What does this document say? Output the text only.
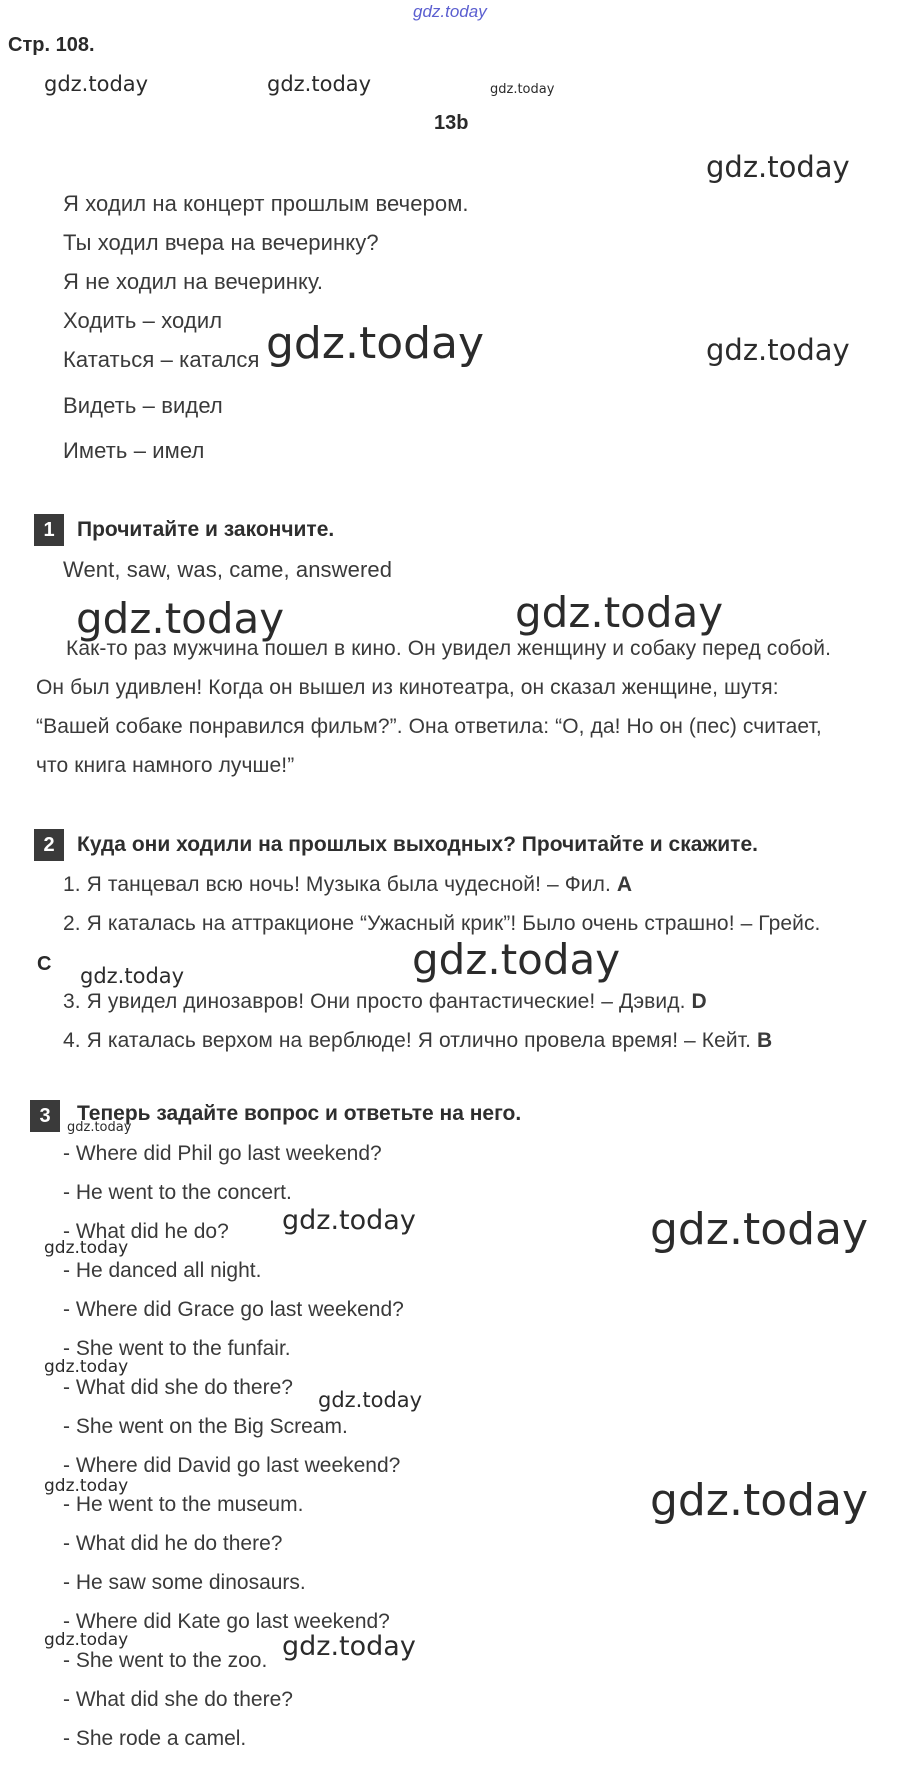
gdz.today
Стр. 108.
13b
Я ходил на концерт прошлым вечером.
Ты ходил вчера на вечеринку?
Я не ходил на вечеринку.
Ходить – ходил
Кататься – катался
Видеть – видел
Иметь – имел
1	Прочитайте и закончите.
Went, saw, was, came, answered
Как-то раз мужчина пошел в кино. Он увидел женщину и собаку перед собой.
Он был удивлен! Когда он вышел из кинотеатра, он сказал женщине, шутя:
“Вашей собаке понравился фильм?”. Она ответила: “О, да! Но он (пес) считает,
что книга намного лучше!”
2	Куда они ходили на прошлых выходных? Прочитайте и скажите.
1. Я танцевал всю ночь! Музыка была чудесной! – Фил. A
2. Я каталась на аттракционе “Ужасный крик”! Было очень страшно! – Грейс.
C
3. Я увидел динозавров! Они просто фантастические! – Дэвид. D
4. Я каталась верхом на верблюде! Я отлично провела время! – Кейт. B
3	Теперь задайте вопрос и ответьте на него.
- Where did Phil go last weekend?
- He went to the concert.
- What did he do?
- He danced all night.
- Where did Grace go last weekend?
- She went to the funfair.
- What did she do there?
- She went on the Big Scream.
- Where did David go last weekend?
- He went to the museum.
- What did he do there?
- He saw some dinosaurs.
- Where did Kate go last weekend?
- She went to the zoo.
- What did she do there?
- She rode a camel.
gdz.today	gdz.today	gdz.today
gdz.today
gdz.today	gdz.today
gdz.today	gdz.today
gdz.today
gdz.today
gdz.today
gdz.today	gdz.today
gdz.today
gdz.today
gdz.today
gdz.today	gdz.today
gdz.today	gdz.today
